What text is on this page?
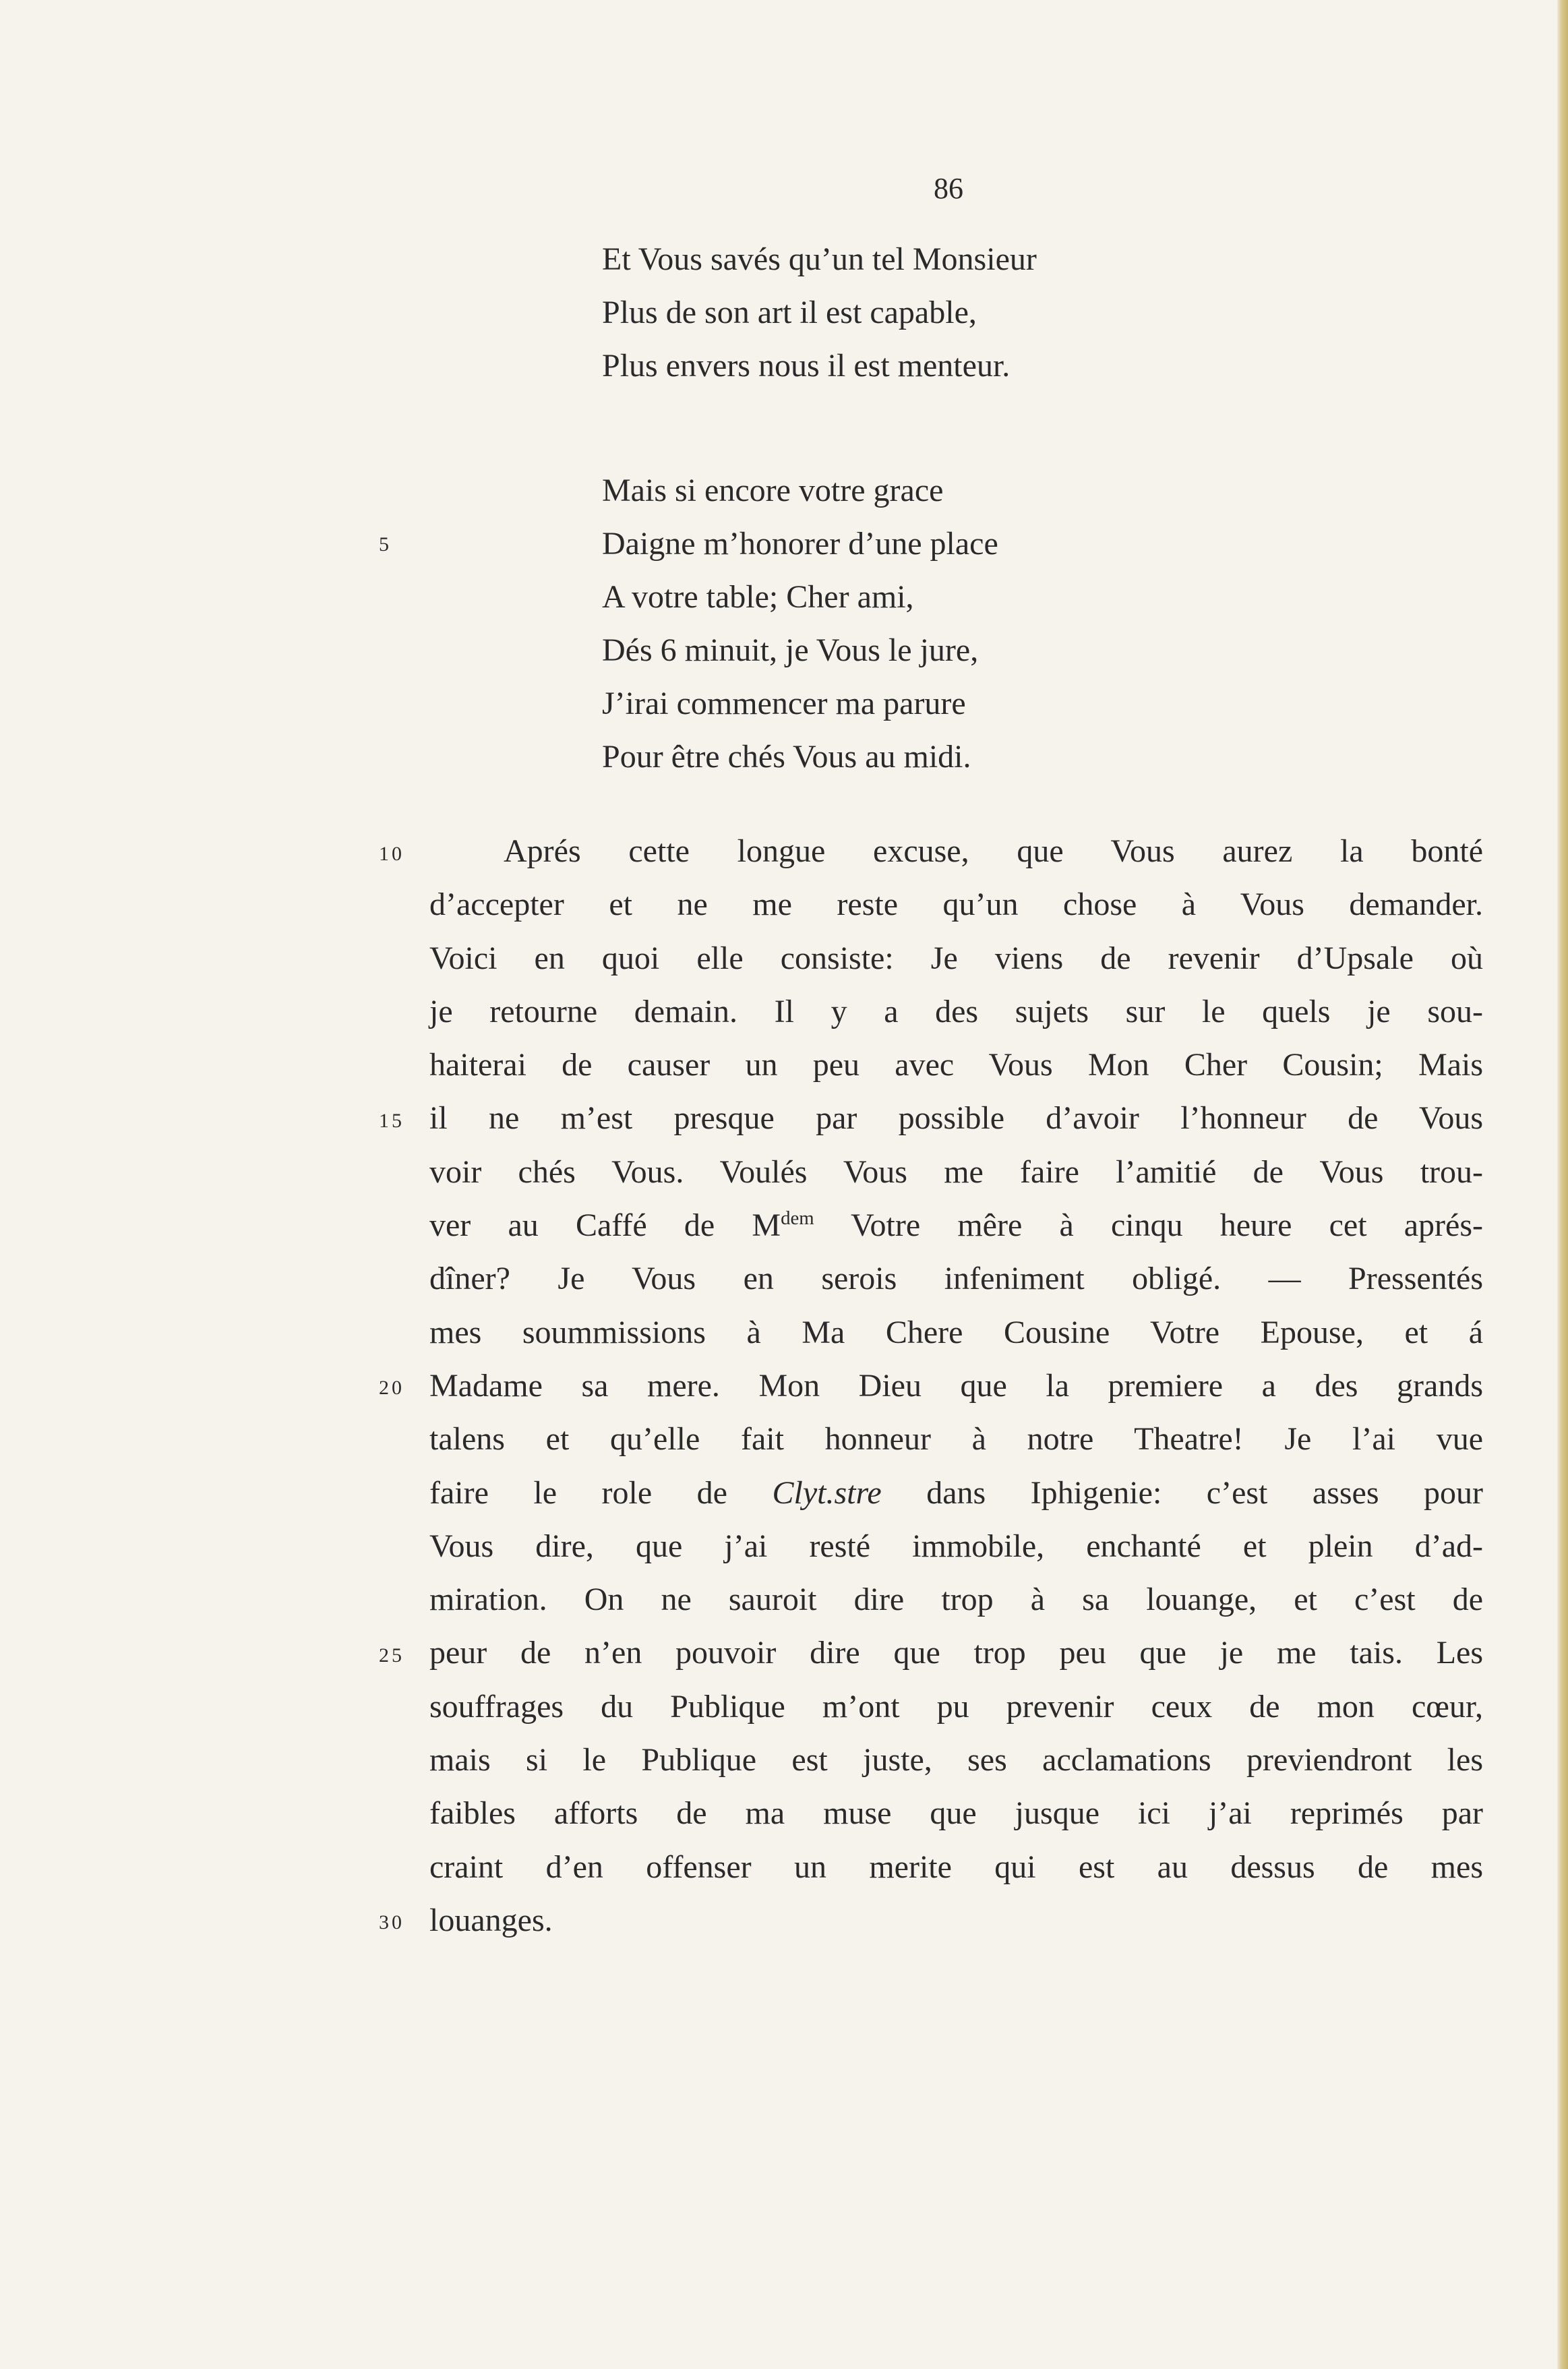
86
Et Vous savés qu’un tel Monsieur
Plus de son art il est capable,
Plus envers nous il est menteur.
Mais si encore votre grace
Daigne m’honorer d’une place
A votre table; Cher ami,
Dés 6 minuit, je Vous le jure,
J’irai commencer ma parure
Pour être chés Vous au midi.
5
10
15
20
25
30
Aprés cette longue excuse, que Vous aurez la bonté
d’accepter et ne me reste qu’un chose à Vous demander.
Voici en quoi elle consiste: Je viens de revenir d’Upsale où
je retourne demain. Il y a des sujets sur le quels je sou-
haiterai de causer un peu avec Vous Mon Cher Cousin; Mais
il ne m’est presque par possible d’avoir l’honneur de Vous
voir chés Vous. Voulés Vous me faire l’amitié de Vous trou-
ver au Caffé de $M^{dem}$ Votre mêre à cinqu heure cet aprés-
dîner? Je Vous en serois infeniment obligé. — Pressentés
mes soummissions à Ma Chere Cousine Votre Epouse, et á
Madame sa mere. Mon Dieu que la premiere a des grands
talens et qu’elle fait honneur à notre Theatre! Je l’ai vue
faire le role de Clyt.stre dans Iphigenie: c’est asses pour
Vous dire, que j’ai resté immobile, enchanté et plein d’ad-
miration. On ne sauroit dire trop à sa louange, et c’est de
peur de n’en pouvoir dire que trop peu que je me tais. Les
souffrages du Publique m’ont pu prevenir ceux de mon cœur,
mais si le Publique est juste, ses acclamations previendront les
faibles afforts de ma muse que jusque ici j’ai reprimés par
craint d’en offenser un merite qui est au dessus de mes
louanges.
